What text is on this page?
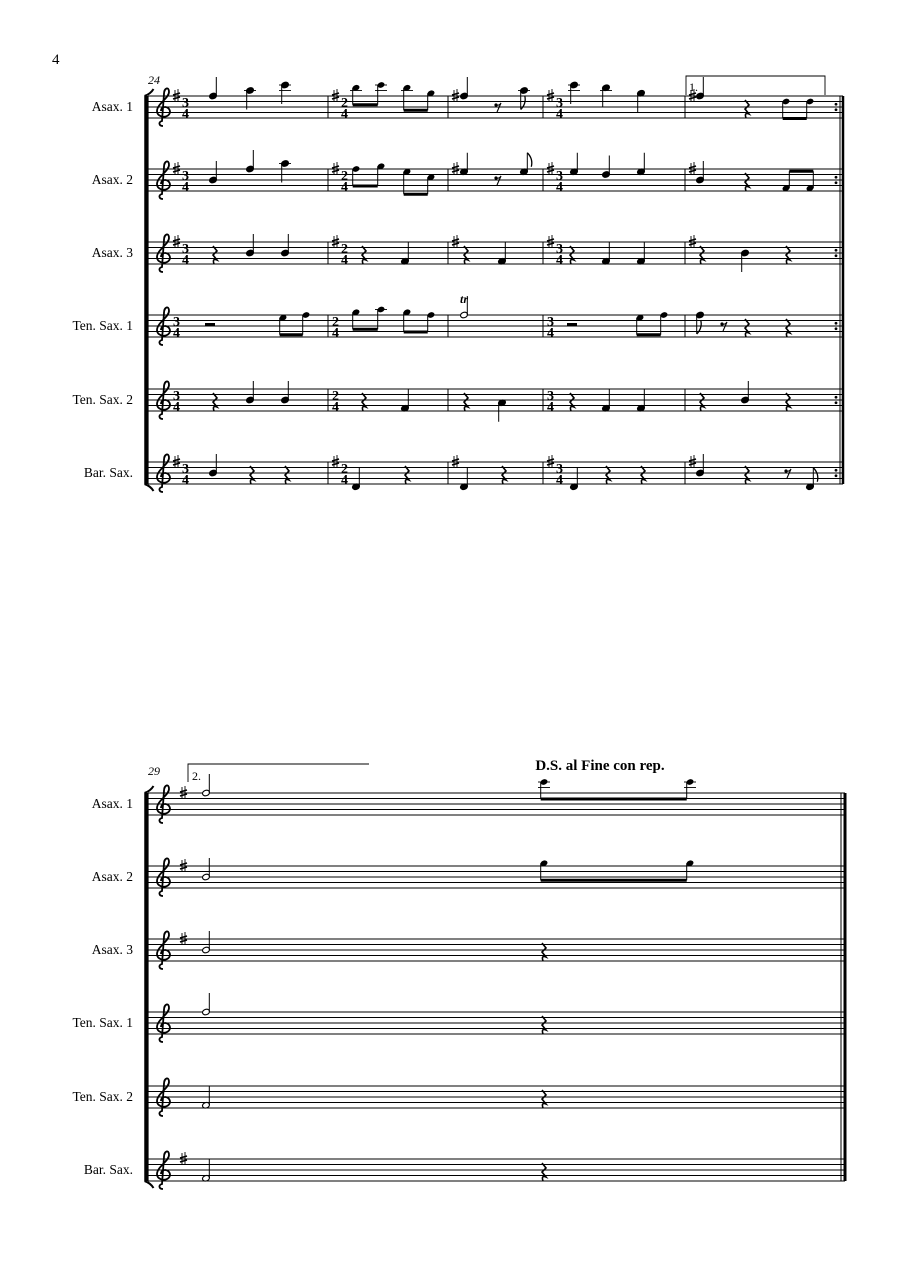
4
Asax. 1	3
4
2
4
3
4
Asax. 2	3
4
2
4
3
4
Asax. 3	3
4
2
4
3
4
Ten. Sax. 1	3
4
2
4
3
4
Ten. Sax. 2	3
4
2
4
3
4
Bar. Sax.	3
4
2
4
3
4
24	1.
tr
Asax. 1
Asax. 2
Asax. 3
Ten. Sax. 1
Ten. Sax. 2
Bar. Sax.
29	2.
D.S. al Fine con rep.
